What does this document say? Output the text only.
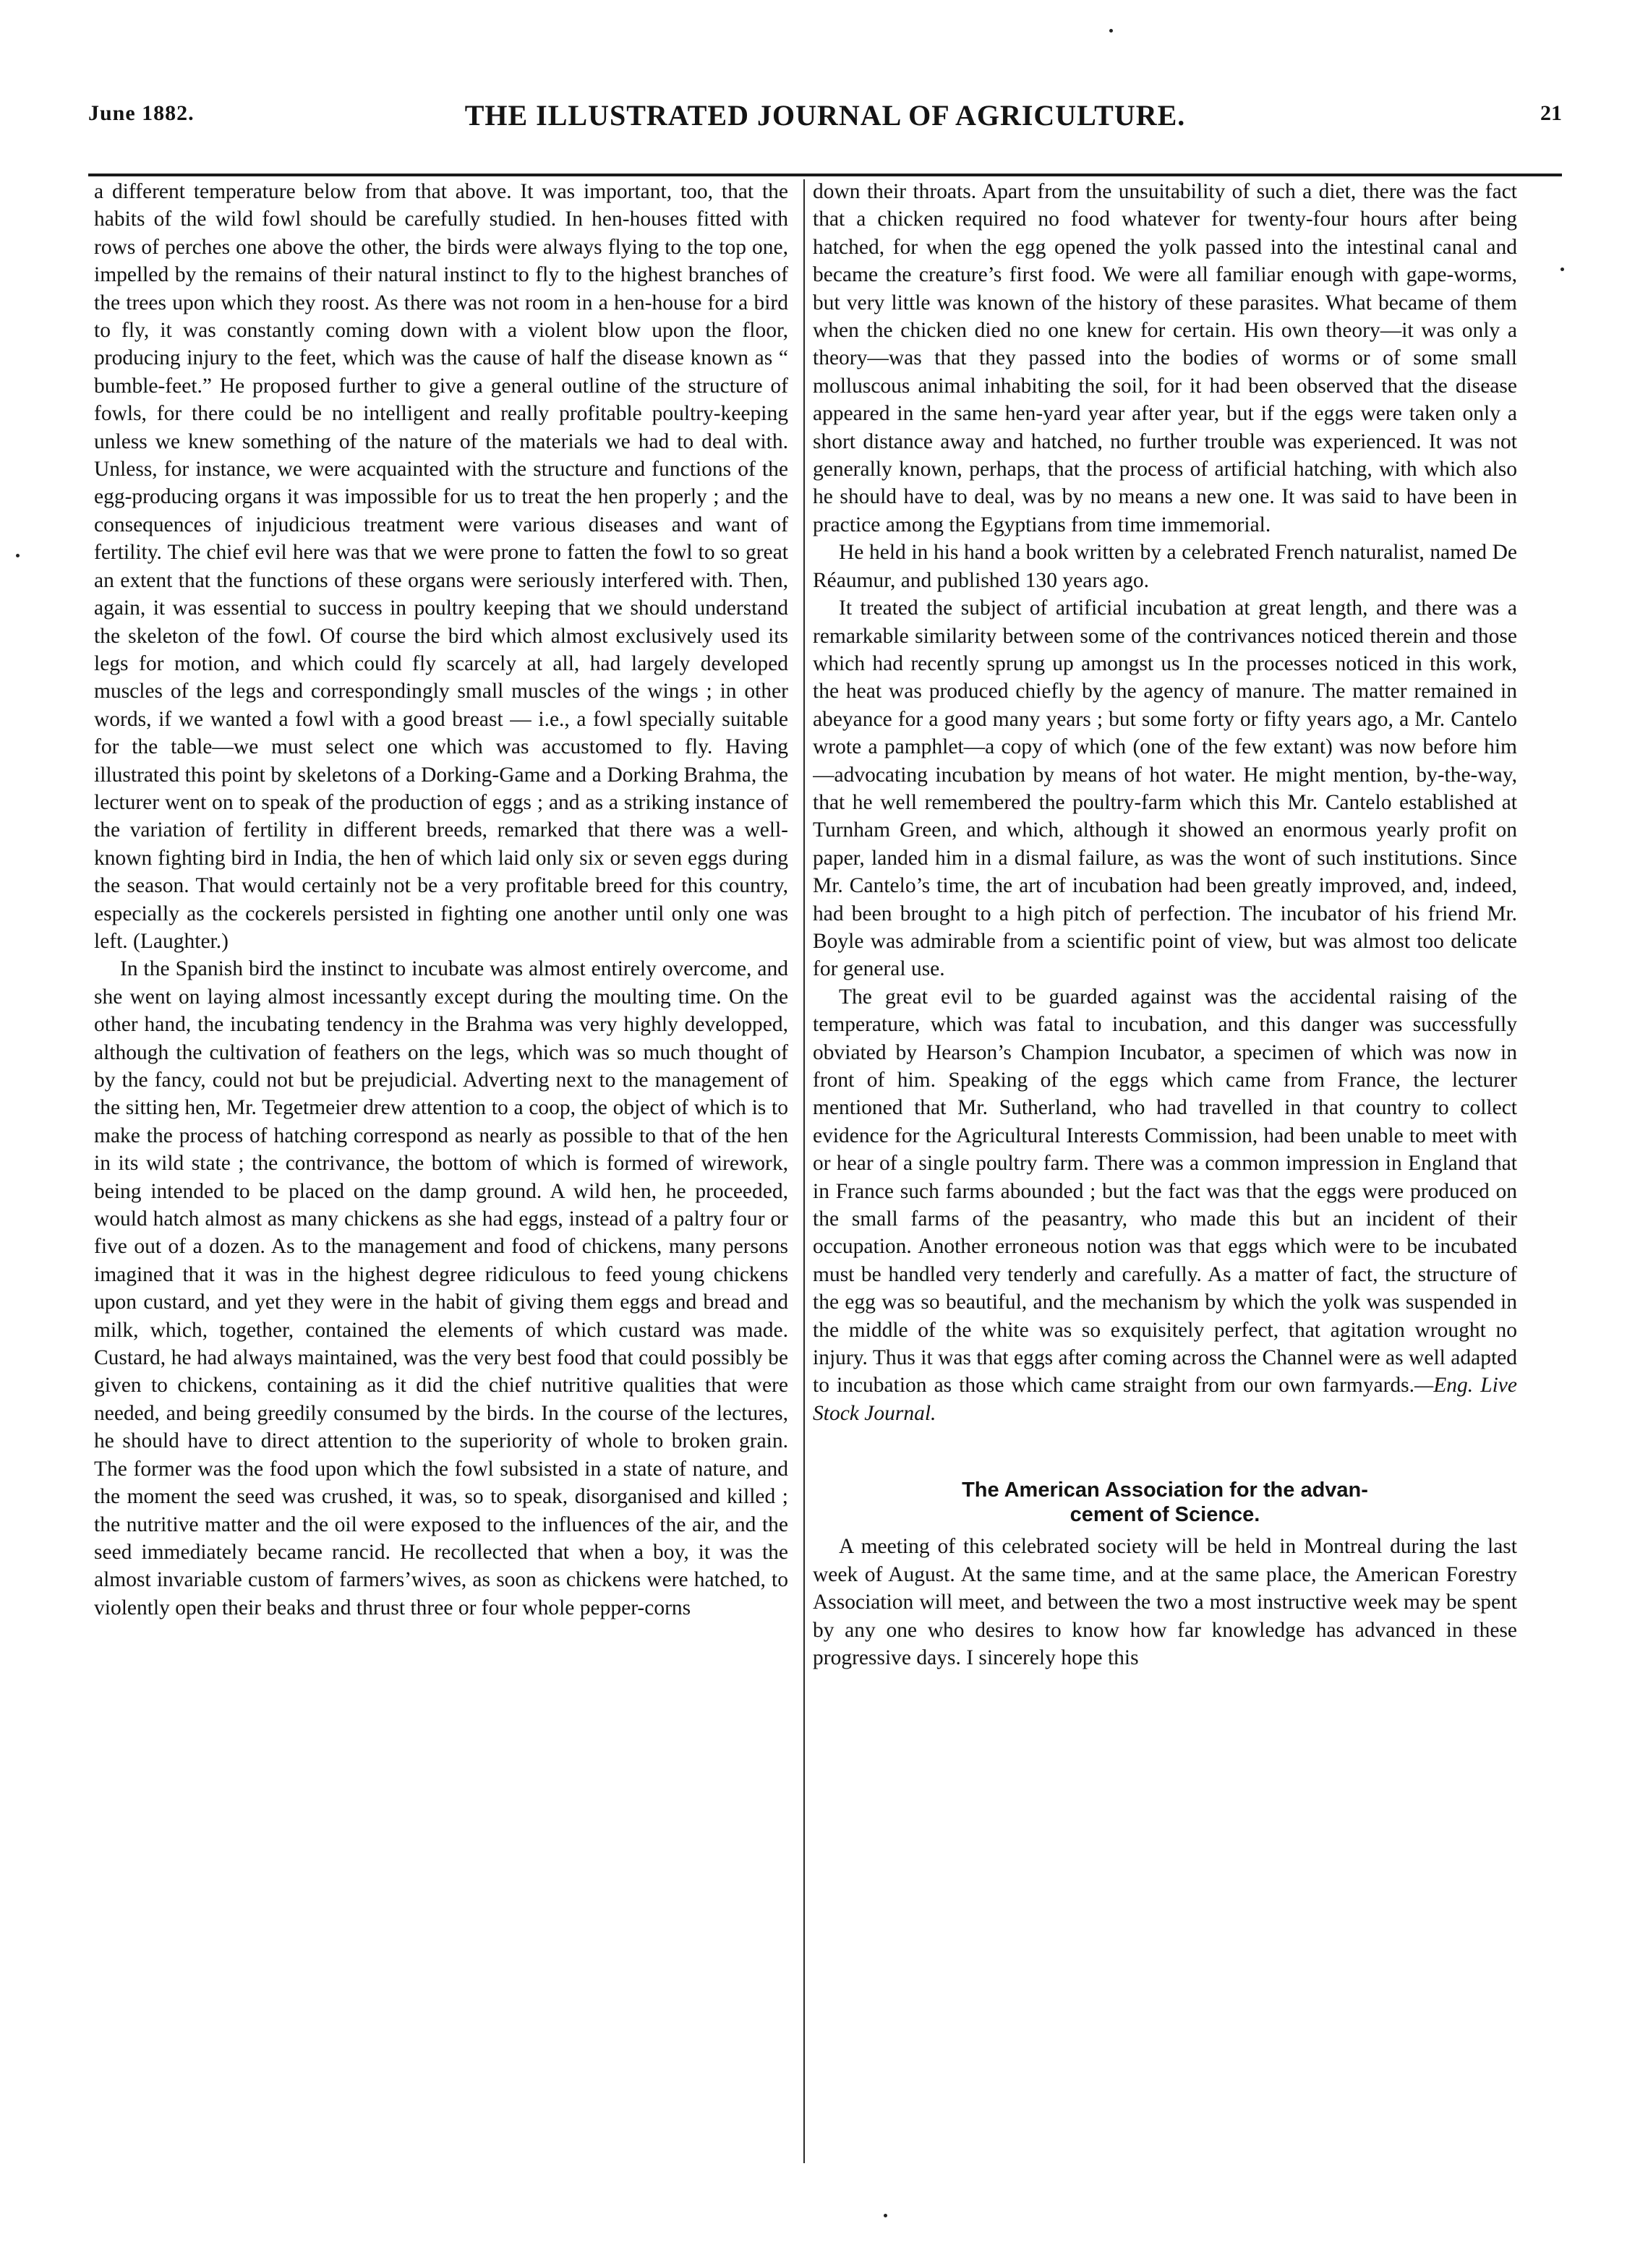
June 1882.	THE ILLUSTRATED JOURNAL OF AGRICULTURE.	21

a different temperature below from that above. It was important, too, that the habits of the wild fowl should be carefully studied. In hen-houses fitted with rows of perches one above the other, the birds were always flying to the top one, impelled by the remains of their natural instinct to fly to the highest branches of the trees upon which they roost. As there was not room in a hen-house for a bird to fly, it was constantly coming down with a violent blow upon the floor, producing injury to the feet, which was the cause of half the disease known as “ bumble-feet.” He proposed further to give a general outline of the structure of fowls, for there could be no intelligent and really profitable poultry-keeping unless we knew something of the nature of the materials we had to deal with. Unless, for instance, we were acquainted with the structure and functions of the egg-producing organs it was impossible for us to treat the hen properly ; and the consequences of injudicious treatment were various diseases and want of fertility. The chief evil here was that we were prone to fatten the fowl to so great an extent that the functions of these organs were seriously interfered with. Then, again, it was essential to success in poultry keeping that we should understand the skeleton of the fowl. Of course the bird which almost exclusively used its legs for motion, and which could fly scarcely at all, had largely developed muscles of the legs and correspondingly small muscles of the wings ; in other words, if we wanted a fowl with a good breast — i.e., a fowl specially suitable for the table—we must select one which was accustomed to fly. Having illustrated this point by skeletons of a Dorking-Game and a Dorking Brahma, the lecturer went on to speak of the production of eggs ; and as a striking instance of the variation of fertility in different breeds, remarked that there was a well-known fighting bird in India, the hen of which laid only six or seven eggs during the season. That would certainly not be a very profitable breed for this country, especially as the cockerels persisted in fighting one another until only one was left. (Laughter.)

In the Spanish bird the instinct to incubate was almost entirely overcome, and she went on laying almost incessantly except during the moulting time. On the other hand, the incubating tendency in the Brahma was very highly developped, although the cultivation of feathers on the legs, which was so much thought of by the fancy, could not but be prejudicial. Adverting next to the management of the sitting hen, Mr. Tegetmeier drew attention to a coop, the object of which is to make the process of hatching correspond as nearly as possible to that of the hen in its wild state ; the contrivance, the bottom of which is formed of wirework, being intended to be placed on the damp ground. A wild hen, he proceeded, would hatch almost as many chickens as she had eggs, instead of a paltry four or five out of a dozen. As to the management and food of chickens, many persons imagined that it was in the highest degree ridiculous to feed young chickens upon custard, and yet they were in the habit of giving them eggs and bread and milk, which, together, contained the elements of which custard was made. Custard, he had always maintained, was the very best food that could possibly be given to chickens, containing as it did the chief nutritive qualities that were needed, and being greedily consumed by the birds. In the course of the lectures, he should have to direct attention to the superiority of whole to broken grain. The former was the food upon which the fowl subsisted in a state of nature, and the moment the seed was crushed, it was, so to speak, disorganised and killed ; the nutritive matter and the oil were exposed to the influences of the air, and the seed immediately became rancid. He recollected that when a boy, it was the almost invariable custom of farmers’wives, as soon as chickens were hatched, to violently open their beaks and thrust three or four whole pepper-corns

down their throats. Apart from the unsuitability of such a diet, there was the fact that a chicken required no food whatever for twenty-four hours after being hatched, for when the egg opened the yolk passed into the intestinal canal and became the creature’s first food. We were all familiar enough with gape-worms, but very little was known of the history of these parasites. What became of them when the chicken died no one knew for certain. His own theory—it was only a theory—was that they passed into the bodies of worms or of some small molluscous animal inhabiting the soil, for it had been observed that the disease appeared in the same hen-yard year after year, but if the eggs were taken only a short distance away and hatched, no further trouble was experienced. It was not generally known, perhaps, that the process of artificial hatching, with which also he should have to deal, was by no means a new one. It was said to have been in practice among the Egyptians from time immemorial.

He held in his hand a book written by a celebrated French naturalist, named De Réaumur, and published 130 years ago.

It treated the subject of artificial incubation at great length, and there was a remarkable similarity between some of the contrivances noticed therein and those which had recently sprung up amongst us In the processes noticed in this work, the heat was produced chiefly by the agency of manure. The matter remained in abeyance for a good many years ; but some forty or fifty years ago, a Mr. Cantelo wrote a pamphlet—a copy of which (one of the few extant) was now before him—advocating incubation by means of hot water. He might mention, by-the-way, that he well remembered the poultry-farm which this Mr. Cantelo established at Turnham Green, and which, although it showed an enormous yearly profit on paper, landed him in a dismal failure, as was the wont of such institutions. Since Mr. Cantelo’s time, the art of incubation had been greatly improved, and, indeed, had been brought to a high pitch of perfection. The incubator of his friend Mr. Boyle was admirable from a scientific point of view, but was almost too delicate for general use.

The great evil to be guarded against was the accidental raising of the temperature, which was fatal to incubation, and this danger was successfully obviated by Hearson’s Champion Incubator, a specimen of which was now in front of him. Speaking of the eggs which came from France, the lecturer mentioned that Mr. Sutherland, who had travelled in that country to collect evidence for the Agricultural Interests Commission, had been unable to meet with or hear of a single poultry farm. There was a common impression in England that in France such farms abounded ; but the fact was that the eggs were produced on the small farms of the peasantry, who made this but an incident of their occupation. Another erroneous notion was that eggs which were to be incubated must be handled very tenderly and carefully. As a matter of fact, the structure of the egg was so beautiful, and the mechanism by which the yolk was suspended in the middle of the white was so exquisitely perfect, that agitation wrought no injury. Thus it was that eggs after coming across the Channel were as well adapted to incubation as those which came straight from our own farmyards.—Eng. Live Stock Journal.

The American Association for the advan-
cement of Science.

A meeting of this celebrated society will be held in Montreal during the last week of August. At the same time, and at the same place, the American Forestry Association will meet, and between the two a most instructive week may be spent by any one who desires to know how far knowledge has advanced in these progressive days. I sincerely hope this
